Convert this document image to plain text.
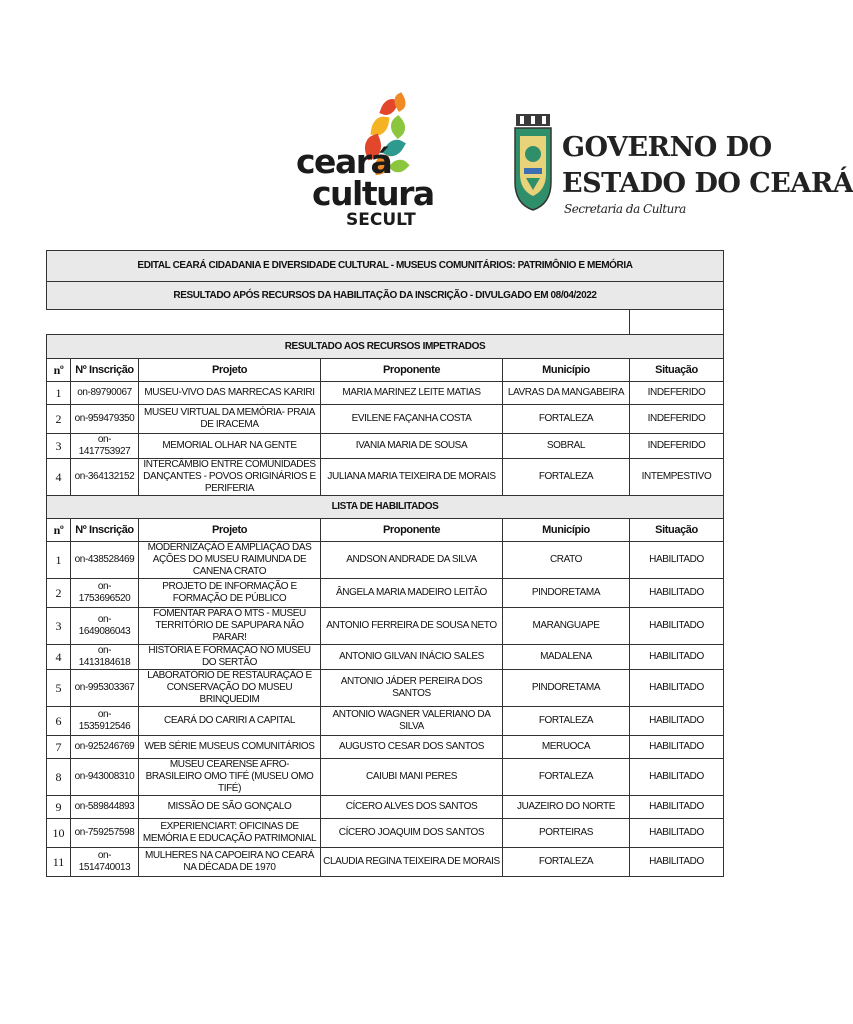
ceará
cultura
SECULT
GOVERNO DO
ESTADO DO CEARÁ
Secretaria da Cultura
EDITAL CEARÁ CIDADANIA E DIVERSIDADE CULTURAL - MUSEUS COMUNITÁRIOS: PATRIMÔNIO E MEMÓRIA					
RESULTADO APÓS RECURSOS DA HABILITAÇÃO DA INSCRIÇÃO - DIVULGADO EM 08/04/2022					

RESULTADO AOS RECURSOS IMPETRADOS					
nº	Nº Inscrição	Projeto	Proponente	Município	Situação
1	on-89790067	MUSEU-VIVO DAS MARRECAS KARIRI	MARIA MARINEZ LEITE MATIAS	LAVRAS DA MANGABEIRA	INDEFERIDO
2	on-959479350	MUSEU VIRTUAL DA MEMÓRIA- PRAIA DE IRACEMA	EVILENE FAÇANHA COSTA	FORTALEZA	INDEFERIDO
3	on-1417753927	MEMORIAL OLHAR NA GENTE	IVANIA MARIA DE SOUSA	SOBRAL	INDEFERIDO
4	on-364132152	INTERCÂMBIO ENTRE COMUNIDADES DANÇANTES - POVOS ORIGINÁRIOS E PERIFERIA	JULIANA MARIA TEIXEIRA DE MORAIS	FORTALEZA	INTEMPESTIVO
LISTA DE HABILITADOS					
nº	Nº Inscrição	Projeto	Proponente	Município	Situação
1	on-438528469	MODERNIZAÇÃO E AMPLIAÇÃO DAS AÇÕES DO MUSEU RAIMUNDA DE CANENA CRATO	ANDSON ANDRADE DA SILVA	CRATO	HABILITADO
2	on-1753696520	PROJETO DE INFORMAÇÃO E FORMAÇÃO DE PÚBLICO	ÂNGELA MARIA MADEIRO LEITÃO	PINDORETAMA	HABILITADO
3	on-1649086043	FOMENTAR PARA O MTS - MUSEU TERRITÓRIO DE SAPUPARA NÃO PARAR!	ANTONIO FERREIRA DE SOUSA NETO	MARANGUAPE	HABILITADO
4	on-1413184618	HISTÓRIA E FORMAÇÃO NO MUSEU DO SERTÃO	ANTONIO GILVAN INÁCIO SALES	MADALENA	HABILITADO
5	on-995303367	LABORATÓRIO DE RESTAURAÇÃO E CONSERVAÇÃO DO MUSEU BRINQUEDIM	ANTONIO JÁDER PEREIRA DOS SANTOS	PINDORETAMA	HABILITADO
6	on-1535912546	CEARÁ DO CARIRI A CAPITAL	ANTONIO WAGNER VALERIANO DA SILVA	FORTALEZA	HABILITADO
7	on-925246769	WEB SÉRIE MUSEUS COMUNITÁRIOS	AUGUSTO CESAR DOS SANTOS	MERUOCA	HABILITADO
8	on-943008310	MUSEU CEARENSE AFRO- BRASILEIRO OMO TIFÉ (MUSEU OMO TIFÉ)	CAIUBI MANI PERES	FORTALEZA	HABILITADO
9	on-589844893	MISSÃO DE SÃO GONÇALO	CÍCERO ALVES DOS SANTOS	JUAZEIRO DO NORTE	HABILITADO
10	on-759257598	EXPERIENCIART: OFICINAS DE MEMÓRIA E EDUCAÇÃO PATRIMONIAL	CÍCERO JOAQUIM DOS SANTOS	PORTEIRAS	HABILITADO
11	on-1514740013	MULHERES NA CAPOEIRA NO CEARÁ NA DÉCADA DE 1970	CLAUDIA REGINA TEIXEIRA DE MORAIS	FORTALEZA	HABILITADO
